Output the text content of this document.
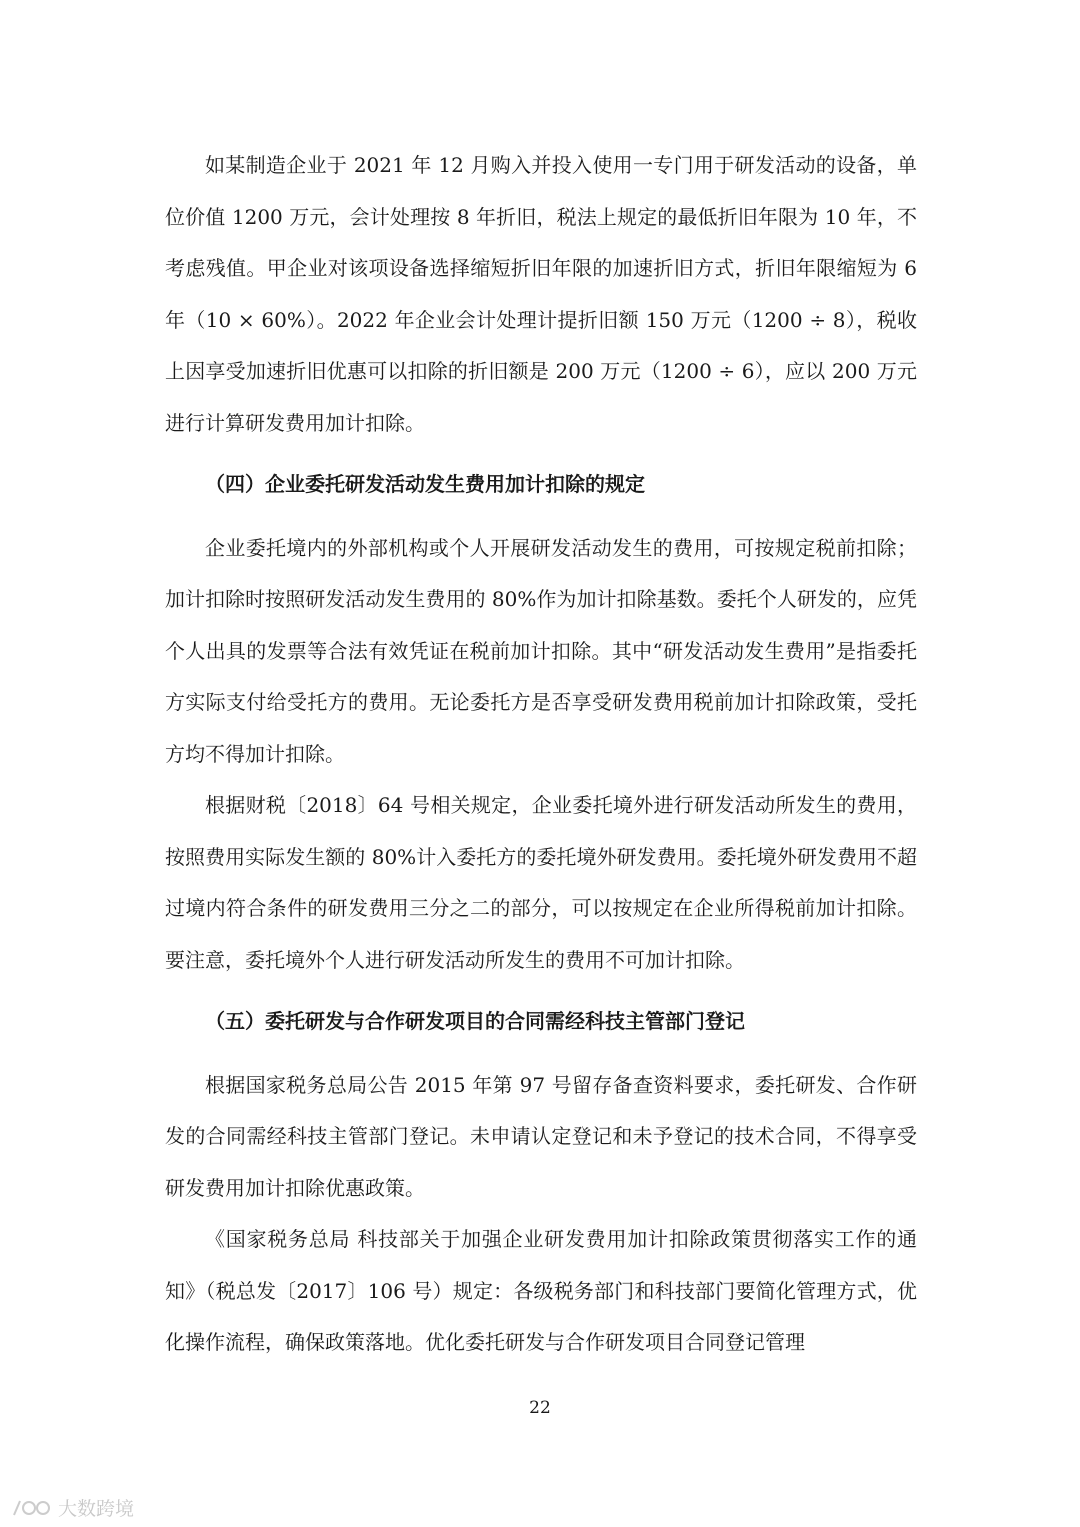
如某制造企业于 2021 年 12 月购入并投入使用一专门用于研发活动的设备，单位价值 1200 万元，会计处理按 8 年折旧，税法上规定的最低折旧年限为 10 年，不考虑残值。甲企业对该项设备选择缩短折旧年限的加速折旧方式，折旧年限缩短为 6 年（10 × 60%）。2022 年企业会计处理计提折旧额 150 万元（1200 ÷ 8），税收上因享受加速折旧优惠可以扣除的折旧额是 200 万元（1200 ÷ 6），应以 200 万元进行计算研发费用加计扣除。

（四）企业委托研发活动发生费用加计扣除的规定

企业委托境内的外部机构或个人开展研发活动发生的费用，可按规定税前扣除；加计扣除时按照研发活动发生费用的 80%作为加计扣除基数。委托个人研发的，应凭个人出具的发票等合法有效凭证在税前加计扣除。其中“研发活动发生费用”是指委托方实际支付给受托方的费用。无论委托方是否享受研发费用税前加计扣除政策，受托方均不得加计扣除。

根据财税〔2018〕64 号相关规定，企业委托境外进行研发活动所发生的费用，按照费用实际发生额的 80%计入委托方的委托境外研发费用。委托境外研发费用不超过境内符合条件的研发费用三分之二的部分，可以按规定在企业所得税前加计扣除。要注意，委托境外个人进行研发活动所发生的费用不可加计扣除。

（五）委托研发与合作研发项目的合同需经科技主管部门登记

根据国家税务总局公告 2015 年第 97 号留存备查资料要求，委托研发、合作研发的合同需经科技主管部门登记。未申请认定登记和未予登记的技术合同，不得享受研发费用加计扣除优惠政策。

《国家税务总局 科技部关于加强企业研发费用加计扣除政策贯彻落实工作的通知》（税总发〔2017〕106 号）规定：各级税务部门和科技部门要简化管理方式，优化操作流程，确保政策落地。优化委托研发与合作研发项目合同登记管理

22
大数跨境
